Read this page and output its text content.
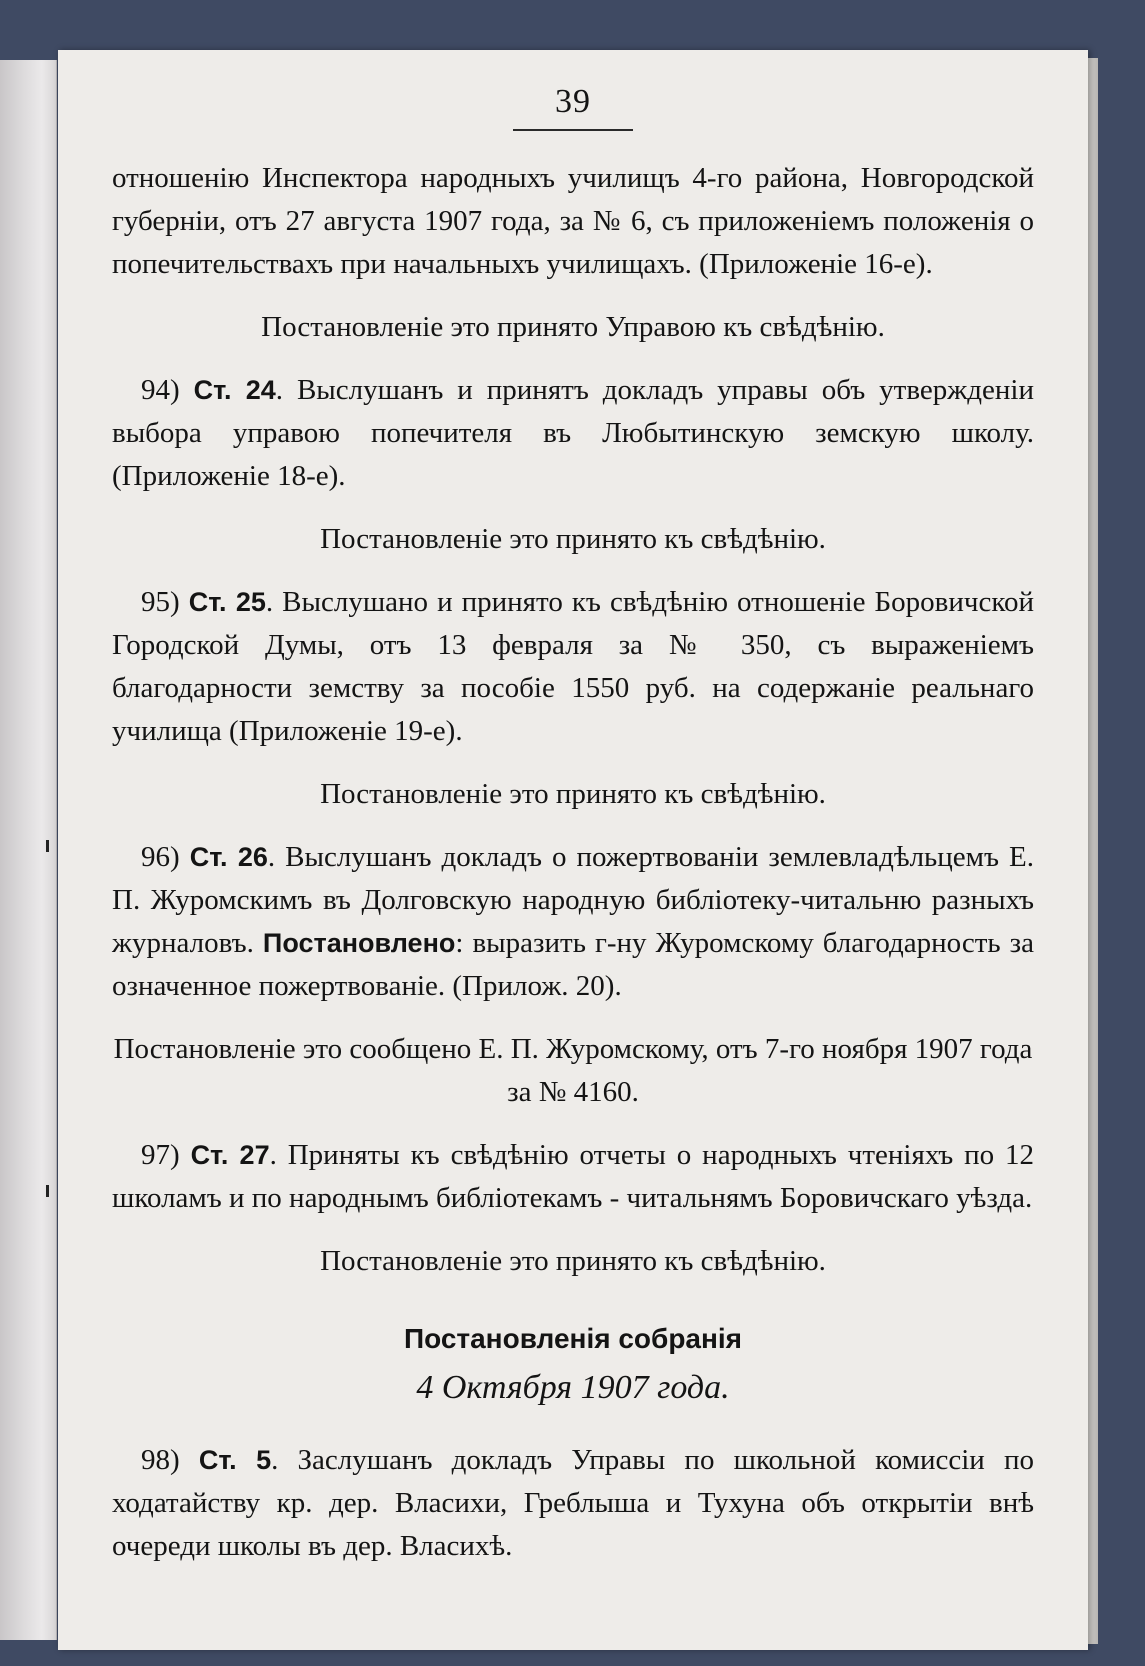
39

отношенію Инспектора народныхъ училищъ 4-го района, Новгородской губерніи, отъ 27 августа 1907 года, за № 6, съ приложеніемъ положенія о попечительствахъ при начальныхъ училищахъ. (Приложеніе 16-е).

Постановленіе это принято Управою къ свѣдѣнію.

 94) Ст. 24. Выслушанъ и принятъ докладъ управы объ утвержденіи выбора управою попечителя въ Любытинскую земскую школу. (Приложеніе 18-е).

Постановленіе это принято къ свѣдѣнію.

 95) Ст. 25. Выслушано и принято къ свѣдѣнію отношеніе Боровичской Городской Думы, отъ 13 февраля за № 350, съ выраженіемъ благодарности земству за пособіе 1550 руб. на содержаніе реальнаго училища (Приложеніе 19-е).

Постановленіе это принято къ свѣдѣнію.

 96) Ст. 26. Выслушанъ докладъ о пожертвованіи землевладѣльцемъ Е. П. Журомскимъ въ Долговскую народную библіотеку-читальню разныхъ журналовъ. Постановлено: выразить г-ну Журомскому благодарность за означенное пожертвованіе. (Прилож. 20).

Постановленіе это сообщено Е. П. Журомскому, отъ 7-го ноября 1907 года за № 4160.

 97) Ст. 27. Приняты къ свѣдѣнію отчеты о народныхъ чтеніяхъ по 12 школамъ и по народнымъ библіотекамъ - читальнямъ Боровичскаго уѣзда.

Постановленіе это принято къ свѣдѣнію.

Постановленія собранія

4 Октября 1907 года.

 98) Ст. 5. Заслушанъ докладъ Управы по школьной комиссіи по ходатайству кр. дер. Власихи, Греблыша и Тухуна объ открытіи внѣ очереди школы въ дер. Власихѣ.
